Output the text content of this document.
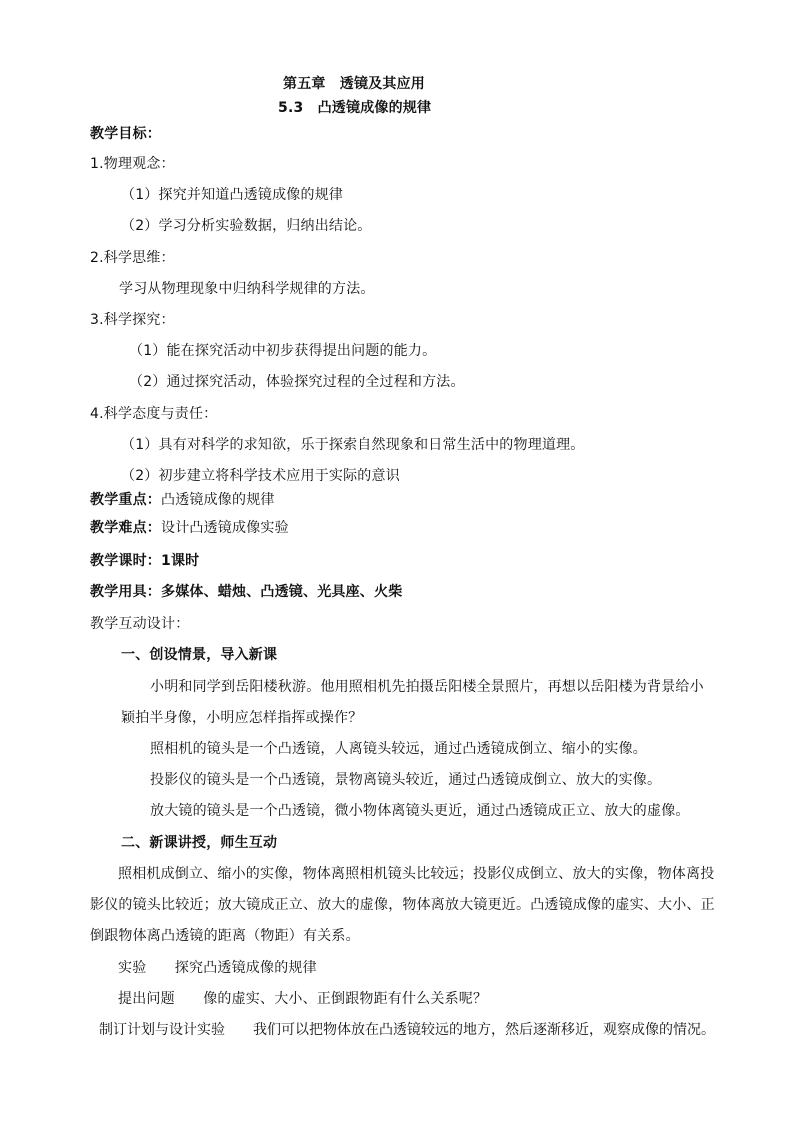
第五章　透镜及其应用
5.3　凸透镜成像的规律
教学目标：
1.物理观念：
（1）探究并知道凸透镜成像的规律
（2）学习分析实验数据，归纳出结论。
2.科学思维：
学习从物理现象中归纳科学规律的方法。
3.科学探究：
（1）能在探究活动中初步获得提出问题的能力。
（2）通过探究活动，体验探究过程的全过程和方法。
4.科学态度与责任：
（1）具有对科学的求知欲，乐于探索自然现象和日常生活中的物理道理。
（2）初步建立将科学技术应用于实际的意识
教学重点：凸透镜成像的规律
教学难点：设计凸透镜成像实验
教学课时：1课时
教学用具：多媒体、蜡烛、凸透镜、光具座、火柴
教学互动设计：
一、创设情景，导入新课
小明和同学到岳阳楼秋游。他用照相机先拍摄岳阳楼全景照片，再想以岳阳楼为背景给小
颖拍半身像，小明应怎样指挥或操作？
照相机的镜头是一个凸透镜，人离镜头较远，通过凸透镜成倒立、缩小的实像。
投影仪的镜头是一个凸透镜，景物离镜头较近，通过凸透镜成倒立、放大的实像。
放大镜的镜头是一个凸透镜，微小物体离镜头更近，通过凸透镜成正立、放大的虚像。
二、新课讲授，师生互动
照相机成倒立、缩小的实像，物体离照相机镜头比较远；投影仪成倒立、放大的实像，物体离投
影仪的镜头比较近；放大镜成正立、放大的虚像，物体离放大镜更近。凸透镜成像的虚实、大小、正
倒跟物体离凸透镜的距离（物距）有关系。
实验　　探究凸透镜成像的规律
提出问题　　像的虚实、大小、正倒跟物距有什么关系呢？
制订计划与设计实验　　我们可以把物体放在凸透镜较远的地方，然后逐渐移近，观察成像的情况。
